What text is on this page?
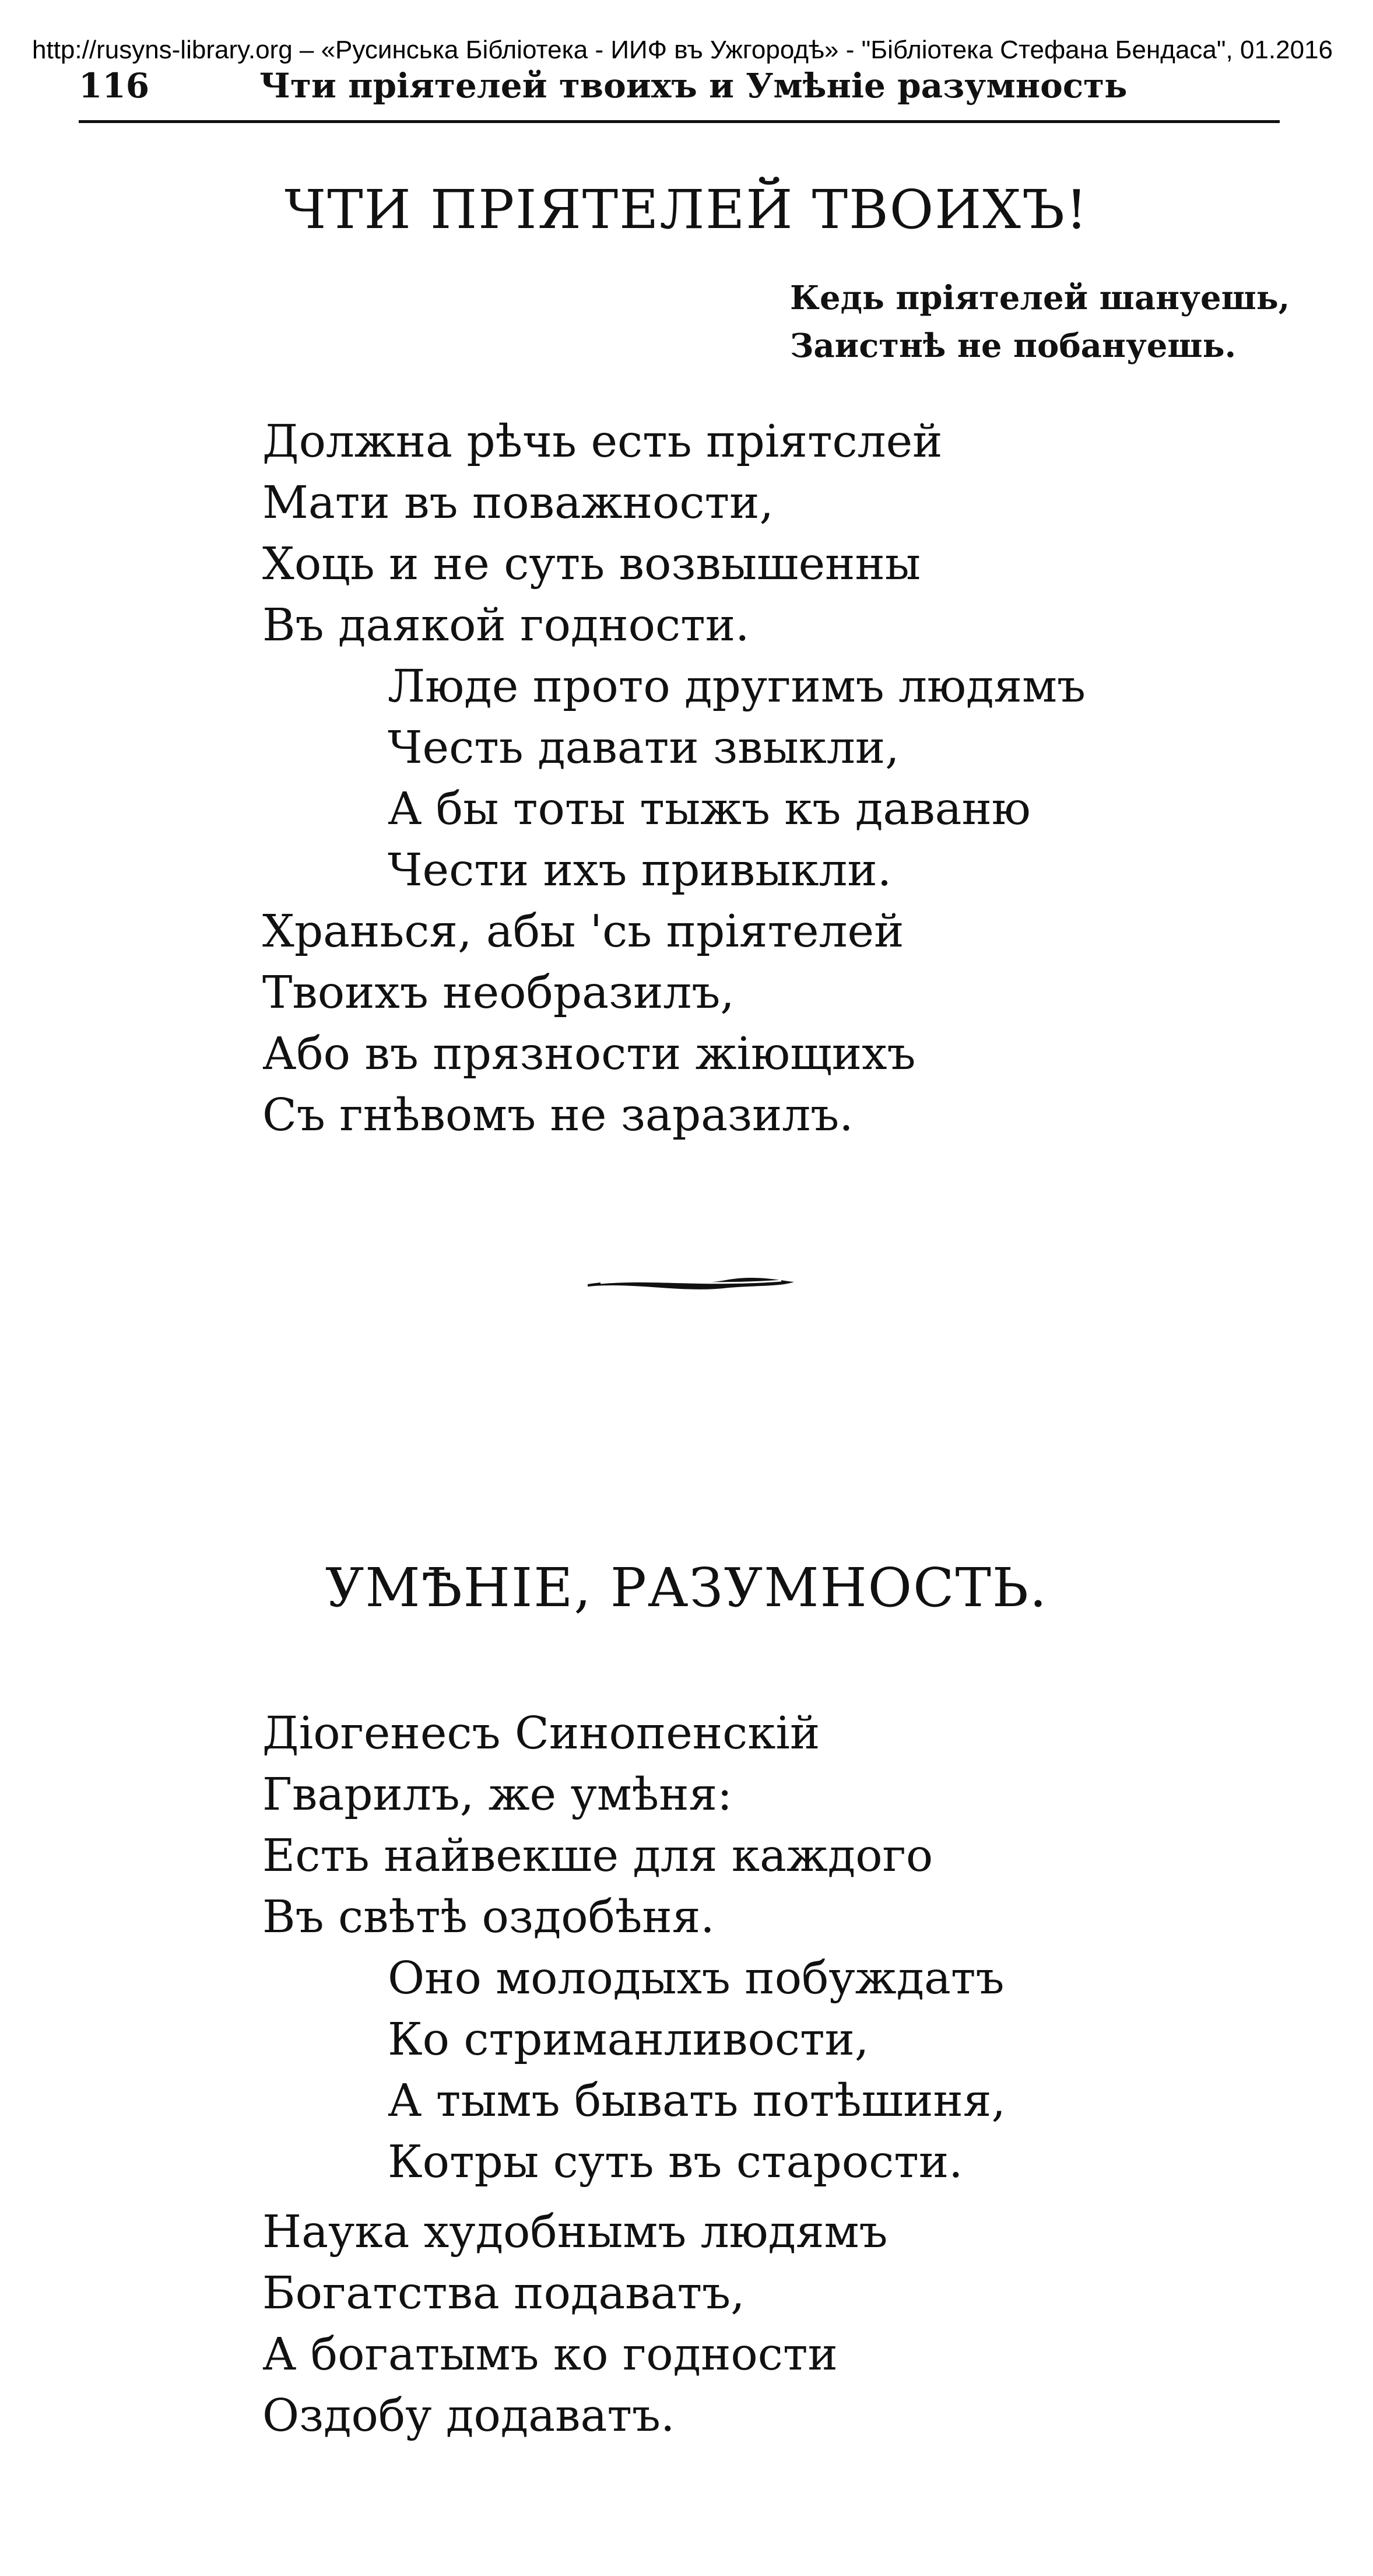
http://rusyns-library.org – «Русинська Бібліотека - ИИФ въ Ужгородѣ» - "Бібліотека Стефана Бендаса", 01.2016
116	Чти пріятелей твоихъ и Умѣніе разумность
ЧТИ ПРІЯТЕЛЕЙ ТВОИХЪ!
Кедь пріятелей шануешь,
Заистнѣ не побануешь.
Должна рѣчь есть пріятслей
Мати въ поважности,
Хоць и не суть возвышенны
Въ даякой годности.
Люде прото другимъ людямъ
Честь давати звыкли,
А бы тоты тыжъ къ даваню
Чести ихъ привыкли.
Хранься, абы 'сь пріятелей
Твоихъ необразилъ,
Або въ прязности жіющихъ
Съ гнѣвомъ не заразилъ.
УМѢНІЕ, РАЗУМНОСТЬ.
Діогенесъ Синопенскій
Гварилъ, же умѣня:
Есть найвекше для каждого
Въ свѣтѣ оздобѣня.
Оно молодыхъ побуждатъ
Ко стриманливости,
А тымъ бывать потѣшиня,
Котры суть въ старости.
Наука худобнымъ людямъ
Богатства подаватъ,
А богатымъ ко годности
Оздобу додаватъ.
